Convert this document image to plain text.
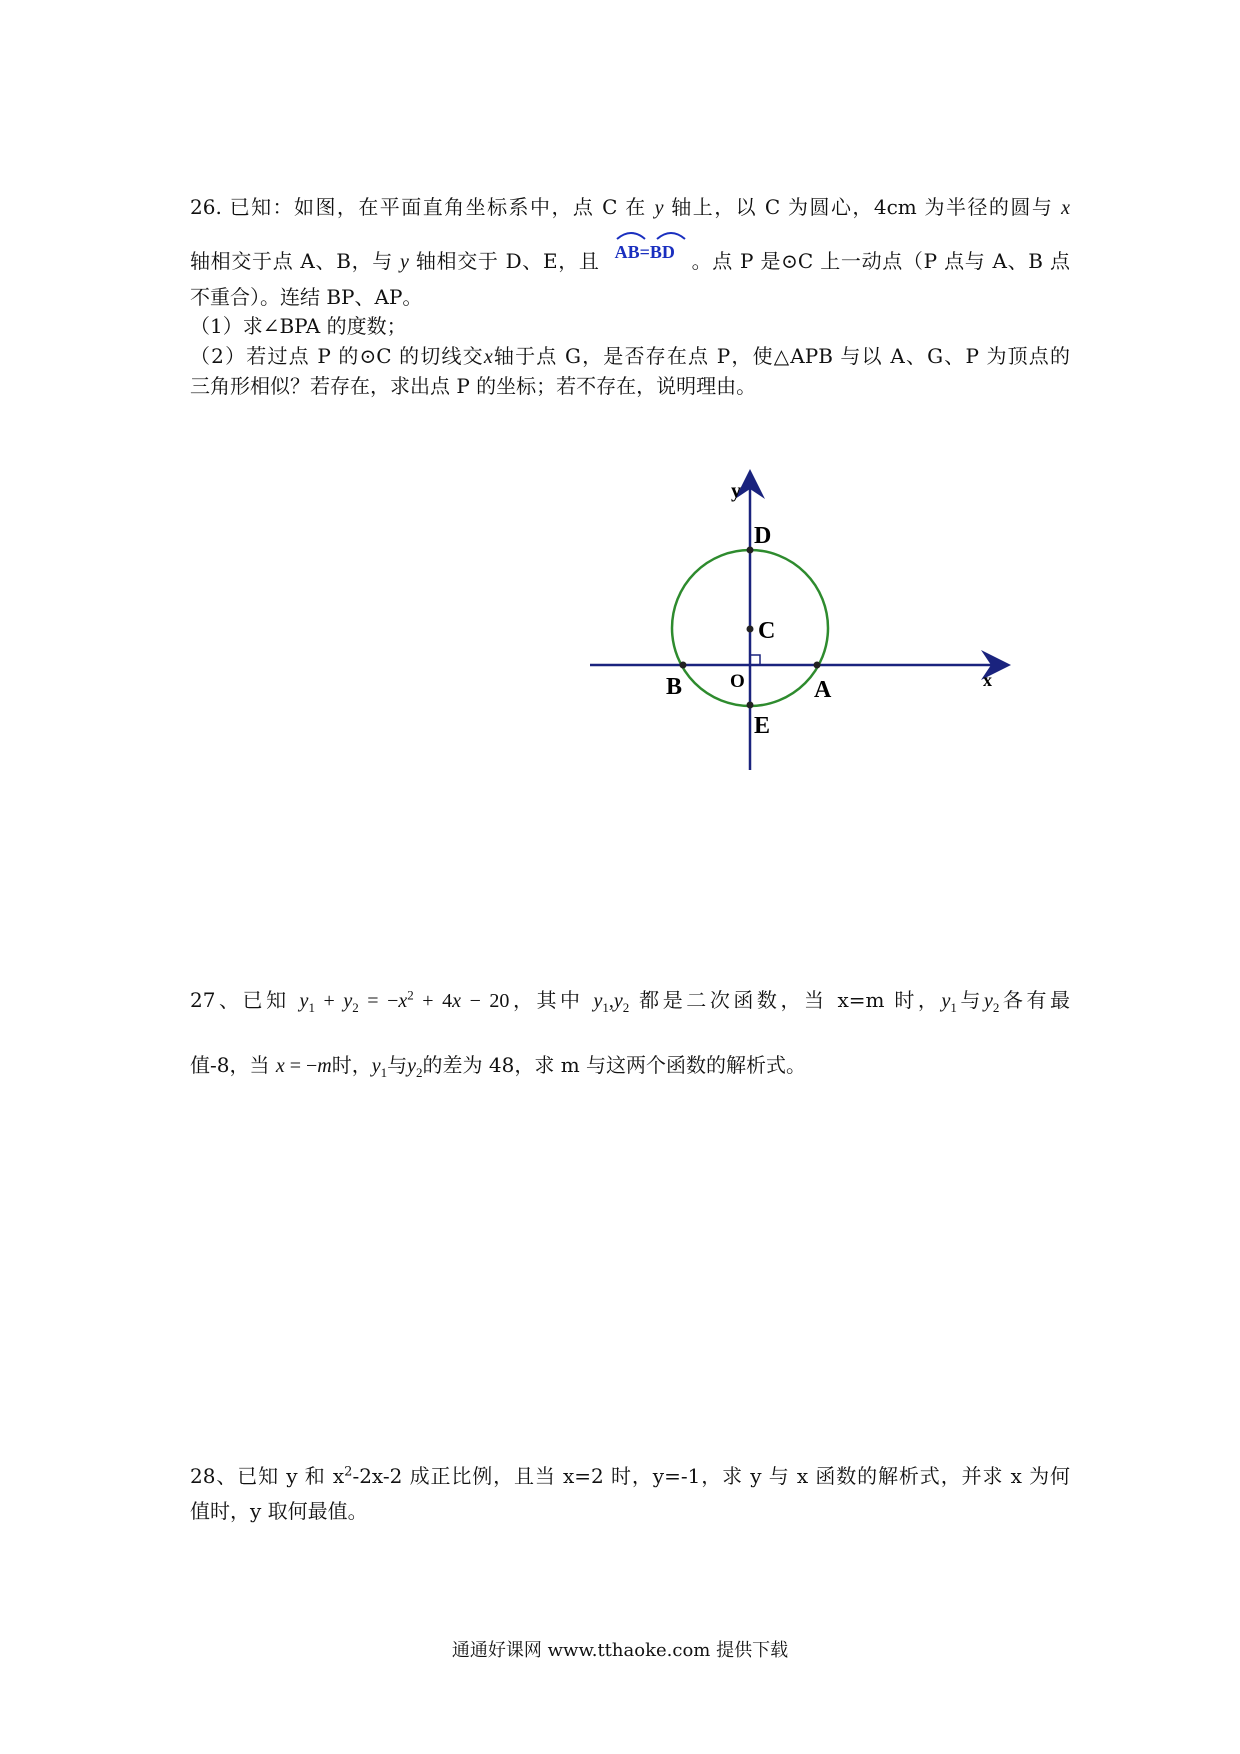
26. 已知：如图，在平面直角坐标系中，点 C 在 y 轴上，以 C 为圆心，4cm 为半径的圆与 x
轴相交于点 A、B，与 y 轴相交于 D、E，且
AB=BD 。点 P 是⊙C 上一动点（P 点与 A、B 点
不重合）。连结 BP、AP。
（1）求∠BPA 的度数；
（2）若过点 P 的⊙C 的切线交x轴于点 G，是否存在点 P，使△APB 与以 A、G、P 为顶点的
三角形相似？若存在，求出点 P 的坐标；若不存在，说明理由。
y
x
D
C
B	O	A
E
27、已知 $y_1 + y_2 = -x^2 + 4x - 20$，其中 $y_1,y_2$ 都是二次函数，当 x=m 时，$y_1$与$y_2$各有最
值-8，当 x = −m时，$y_1$与$y_2$的差为 48，求 m 与这两个函数的解析式。
28、已知 y 和 $x^2-2x-2$ 成正比例，且当 x=2 时，y=-1，求 y 与 x 函数的解析式，并求 x 为何
值时，y 取何最值。
通通好课网 www.tthaoke.com 提供下载
